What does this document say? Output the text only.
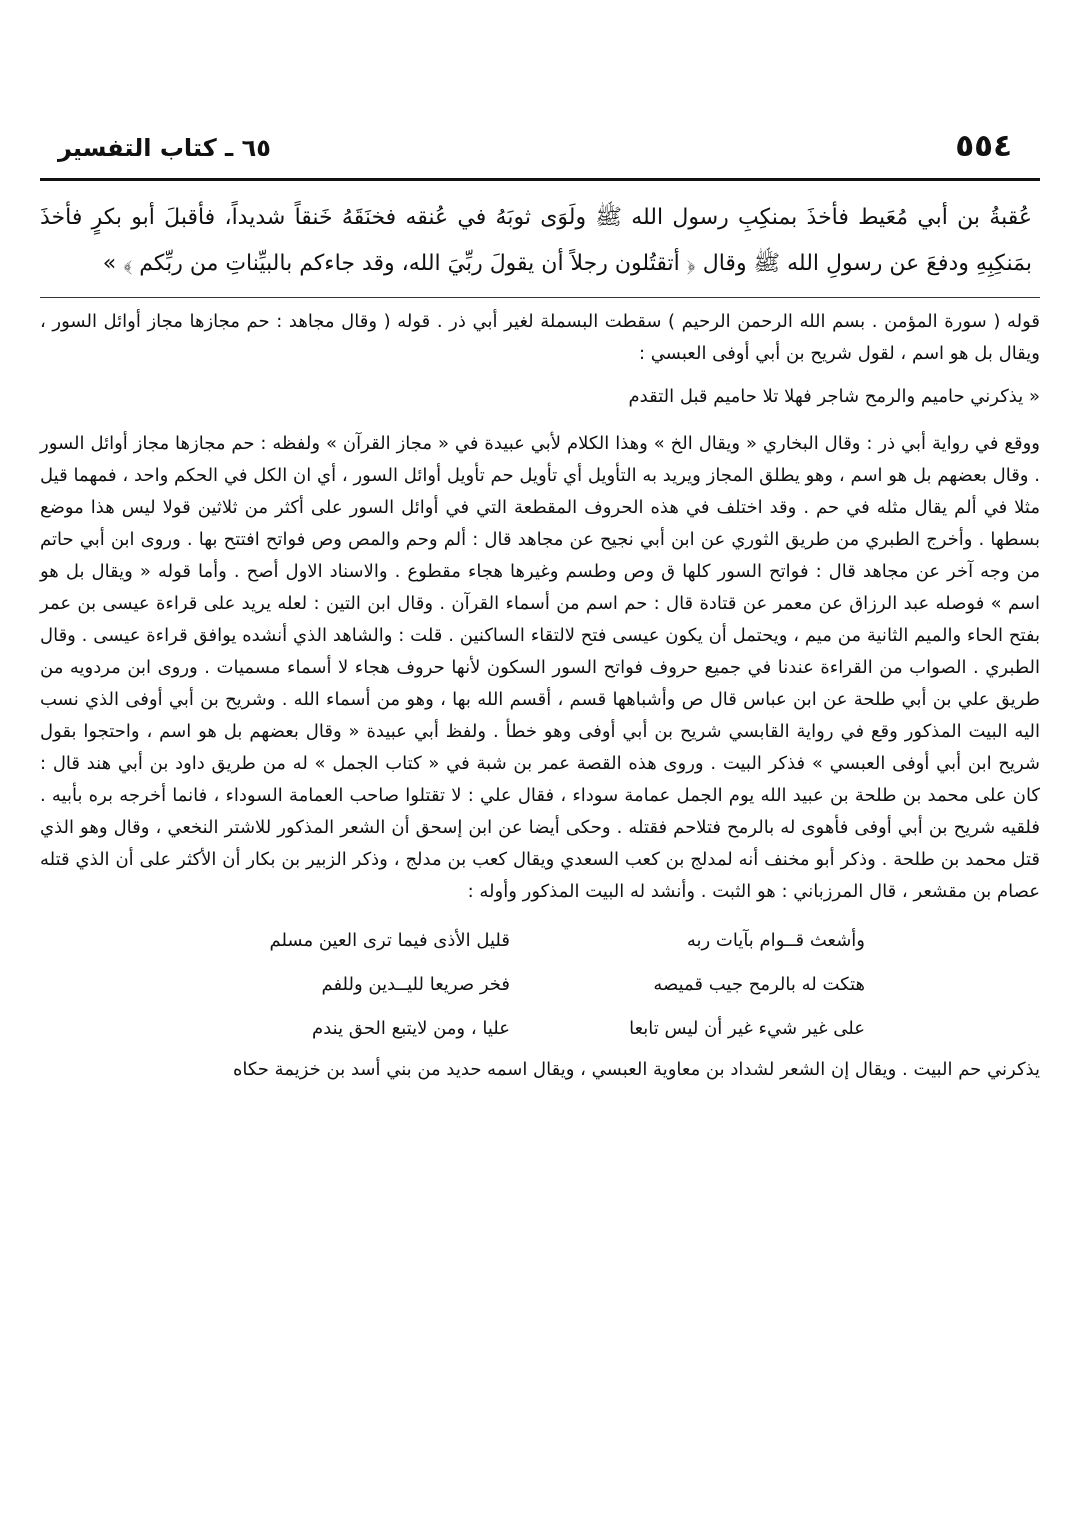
٥٥٤
٦٥ ـ كتاب التفسير
عُقبةُ بن أبي مُعَيط فأخذَ بمنكِبِ رسول الله ﷺ ولَوَى ثوبَهُ في عُنقه فخنَقَهُ خَنقاً شديداً، فأقبلَ أبو بكرٍ فأخذَ بمَنكِبِهِ ودفعَ عن رسولِ الله ﷺ وقال ﴿ أتقتُلون رجلاً أن يقولَ ربِّيَ الله، وقد جاءكم بالبيِّناتِ من ربِّكم ﴾ »
قوله ( سورة المؤمن . بسم الله الرحمن الرحيم ) سقطت البسملة لغير أبي ذر . قوله ( وقال مجاهد : حم مجازها مجاز أوائل السور ، ويقال بل هو اسم ، لقول شريح بن أبي أوفى العبسي :
« يذكرني حاميم والرمح شاجر فهلا تلا حاميم قبل التقدم
ووقع في رواية أبي ذر : وقال البخاري « ويقال الخ » وهذا الكلام لأبي عبيدة في « مجاز القرآن » ولفظه : حم مجازها مجاز أوائل السور . وقال بعضهم بل هو اسم ، وهو يطلق المجاز ويريد به التأويل أي تأويل حم تأويل أوائل السور ، أي ان الكل في الحكم واحد ، فمهما قيل مثلا في ألم يقال مثله في حم . وقد اختلف في هذه الحروف المقطعة التي في أوائل السور على أكثر من ثلاثين قولا ليس هذا موضع بسطها . وأخرج الطبري من طريق الثوري عن ابن أبي نجيح عن مجاهد قال : ألم وحم والمص وص فواتح افتتح بها . وروى ابن أبي حاتم من وجه آخر عن مجاهد قال : فواتح السور كلها ق وص وطسم وغيرها هجاء مقطوع . والاسناد الاول أصح . وأما قوله « ويقال بل هو اسم » فوصله عبد الرزاق عن معمر عن قتادة قال : حم اسم من أسماء القرآن . وقال ابن التين : لعله يريد على قراءة عيسى بن عمر بفتح الحاء والميم الثانية من ميم ، ويحتمل أن يكون عيسى فتح لالتقاء الساكنين . قلت : والشاهد الذي أنشده يوافق قراءة عيسى . وقال الطبري . الصواب من القراءة عندنا في جميع حروف فواتح السور السكون لأنها حروف هجاء لا أسماء مسميات . وروى ابن مردويه من طريق علي بن أبي طلحة عن ابن عباس قال ص وأشباهها قسم ، أقسم الله بها ، وهو من أسماء الله . وشريح بن أبي أوفى الذي نسب اليه البيت المذكور وقع في رواية القابسي شريح بن أبي أوفى وهو خطأ . ولفظ أبي عبيدة « وقال بعضهم بل هو اسم ، واحتجوا بقول شريح ابن أبي أوفى العبسي » فذكر البيت . وروى هذه القصة عمر بن شبة في « كتاب الجمل » له من طريق داود بن أبي هند قال : كان على محمد بن طلحة بن عبيد الله يوم الجمل عمامة سوداء ، فقال علي : لا تقتلوا صاحب العمامة السوداء ، فانما أخرجه بره بأبيه . فلقيه شريح بن أبي أوفى فأهوى له بالرمح فتلاحم فقتله . وحكى أيضا عن ابن إسحق أن الشعر المذكور للاشتر النخعي ، وقال وهو الذي قتل محمد بن طلحة . وذكر أبو مخنف أنه لمدلج بن كعب السعدي ويقال كعب بن مدلج ، وذكر الزبير بن بكار أن الأكثر على أن الذي قتله عصام بن مقشعر ، قال المرزباني : هو الثبت . وأنشد له البيت المذكور وأوله :
وأشعث قــوام بآيات ربه
قليل الأذى فيما ترى العين مسلم
هتكت له بالرمح جيب قميصه
فخر صريعا لليــدين وللفم
على غير شيء غير أن ليس تابعا
عليا ، ومن لايتبع الحق يندم
يذكرني حم البيت . ويقال إن الشعر لشداد بن معاوية العبسي ، ويقال اسمه حديد من بني أسد بن خزيمة حكاه
